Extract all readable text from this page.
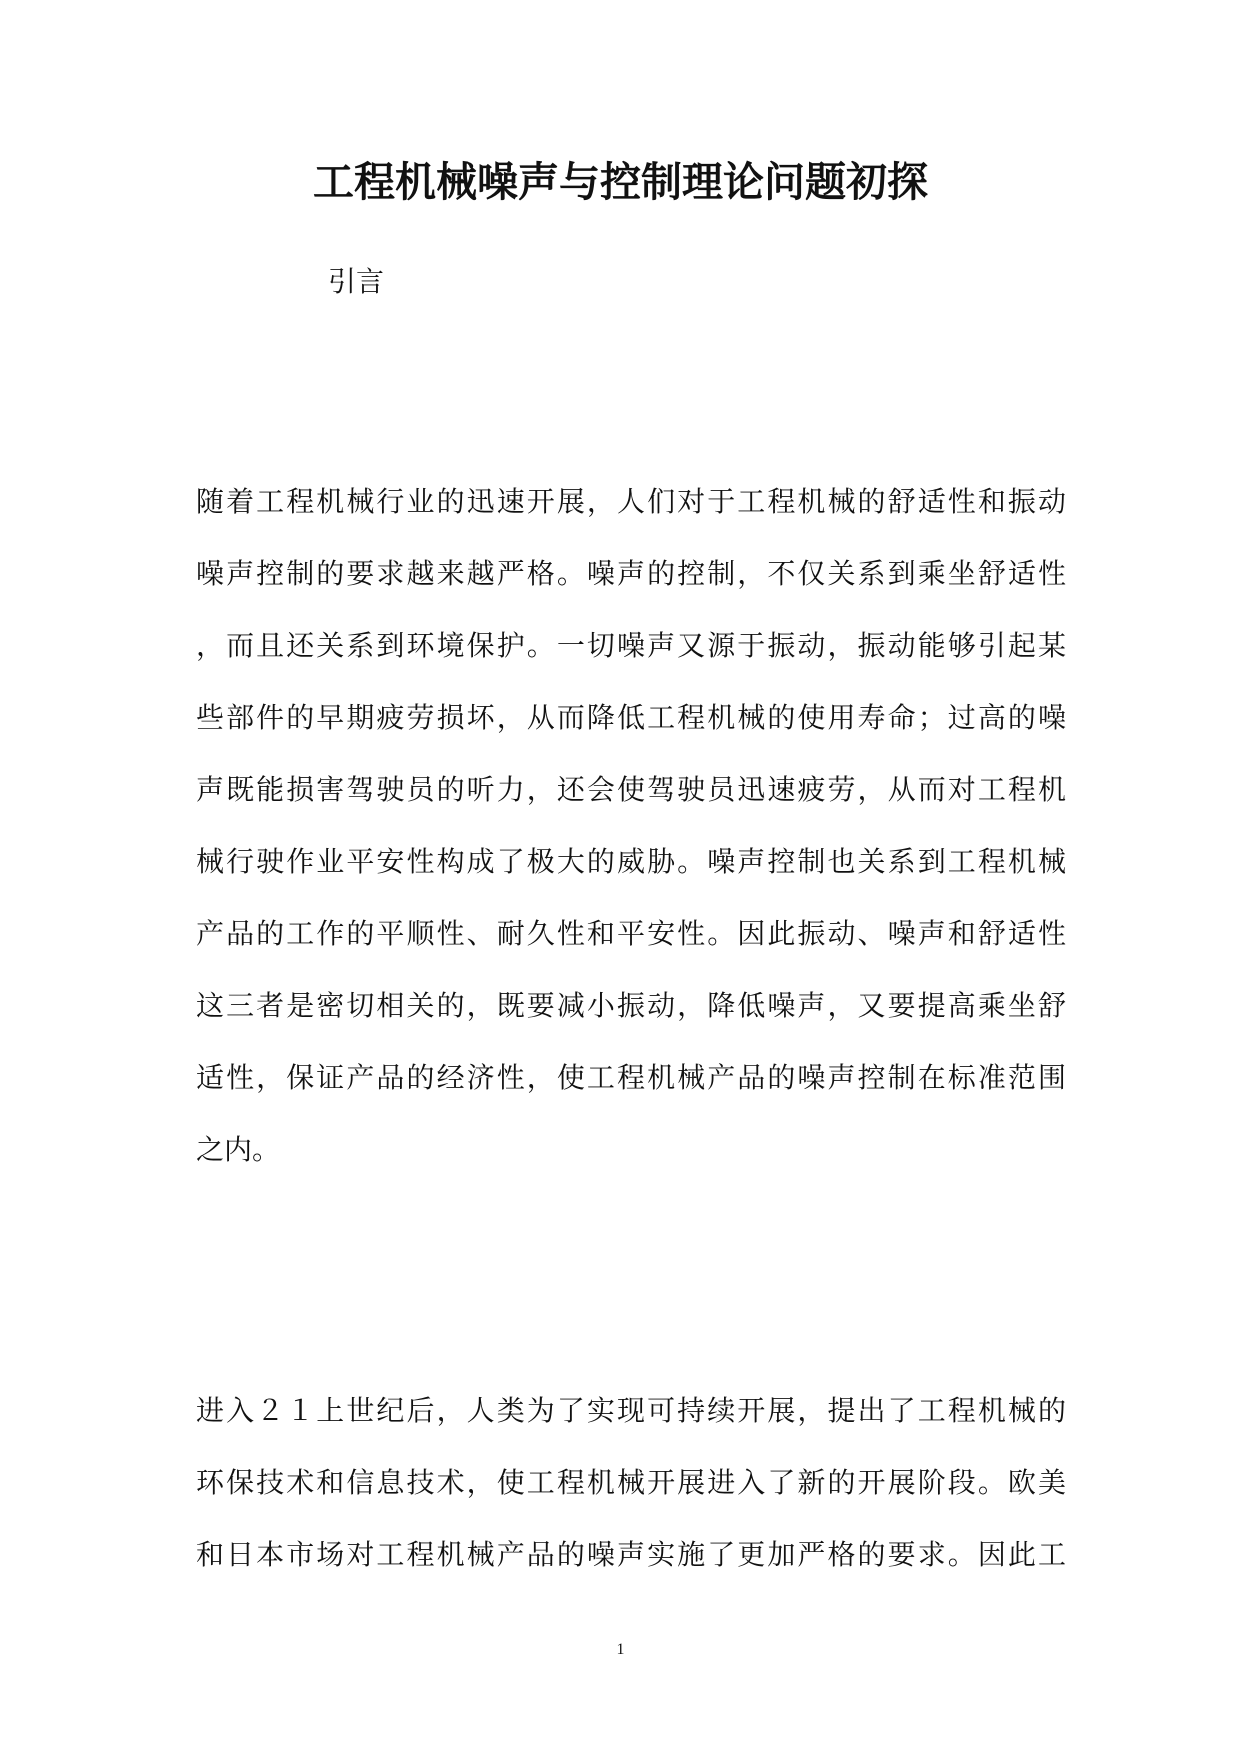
工程机械噪声与控制理论问题初探
引言
随着工程机械行业的迅速开展，人们对于工程机械的舒适性和振动
噪声控制的要求越来越严格。噪声的控制，不仅关系到乘坐舒适性
，而且还关系到环境保护。一切噪声又源于振动，振动能够引起某
些部件的早期疲劳损坏，从而降低工程机械的使用寿命；过高的噪
声既能损害驾驶员的听力，还会使驾驶员迅速疲劳，从而对工程机
械行驶作业平安性构成了极大的威胁。噪声控制也关系到工程机械
产品的工作的平顺性、耐久性和平安性。因此振动、噪声和舒适性
这三者是密切相关的，既要减小振动，降低噪声，又要提高乘坐舒
适性，保证产品的经济性，使工程机械产品的噪声控制在标准范围
之内。
进入２１上世纪后，人类为了实现可持续开展，提出了工程机械的
环保技术和信息技术，使工程机械开展进入了新的开展阶段。欧美
和日本市场对工程机械产品的噪声实施了更加严格的要求。因此工
1
